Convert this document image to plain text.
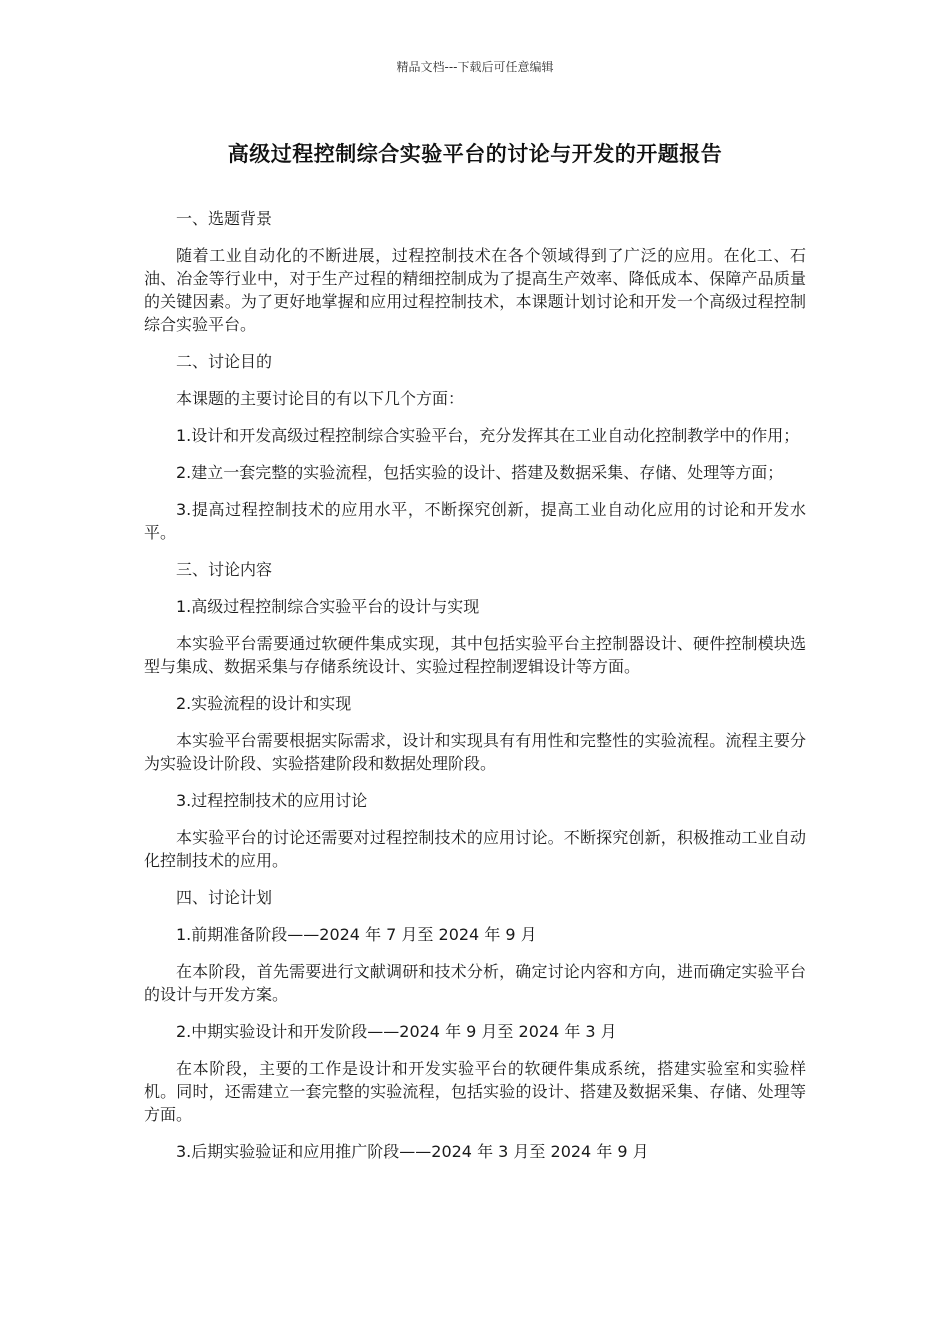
精品文档---下载后可任意编辑
高级过程控制综合实验平台的讨论与开发的开题报告

一、选题背景

随着工业自动化的不断进展，过程控制技术在各个领域得到了广泛的应用。在化工、石油、冶金等行业中，对于生产过程的精细控制成为了提高生产效率、降低成本、保障产品质量的关键因素。为了更好地掌握和应用过程控制技术，本课题计划讨论和开发一个高级过程控制综合实验平台。

二、讨论目的

本课题的主要讨论目的有以下几个方面：

1.设计和开发高级过程控制综合实验平台，充分发挥其在工业自动化控制教学中的作用；

2.建立一套完整的实验流程，包括实验的设计、搭建及数据采集、存储、处理等方面；

3.提高过程控制技术的应用水平，不断探究创新，提高工业自动化应用的讨论和开发水平。

三、讨论内容

1.高级过程控制综合实验平台的设计与实现

本实验平台需要通过软硬件集成实现，其中包括实验平台主控制器设计、硬件控制模块选型与集成、数据采集与存储系统设计、实验过程控制逻辑设计等方面。

2.实验流程的设计和实现

本实验平台需要根据实际需求，设计和实现具有有用性和完整性的实验流程。流程主要分为实验设计阶段、实验搭建阶段和数据处理阶段。

3.过程控制技术的应用讨论

本实验平台的讨论还需要对过程控制技术的应用讨论。不断探究创新，积极推动工业自动化控制技术的应用。

四、讨论计划

1.前期准备阶段——2024 年 7 月至 2024 年 9 月

在本阶段，首先需要进行文献调研和技术分析，确定讨论内容和方向，进而确定实验平台的设计与开发方案。

2.中期实验设计和开发阶段——2024 年 9 月至 2024 年 3 月

在本阶段，主要的工作是设计和开发实验平台的软硬件集成系统，搭建实验室和实验样机。同时，还需建立一套完整的实验流程，包括实验的设计、搭建及数据采集、存储、处理等方面。

3.后期实验验证和应用推广阶段——2024 年 3 月至 2024 年 9 月
